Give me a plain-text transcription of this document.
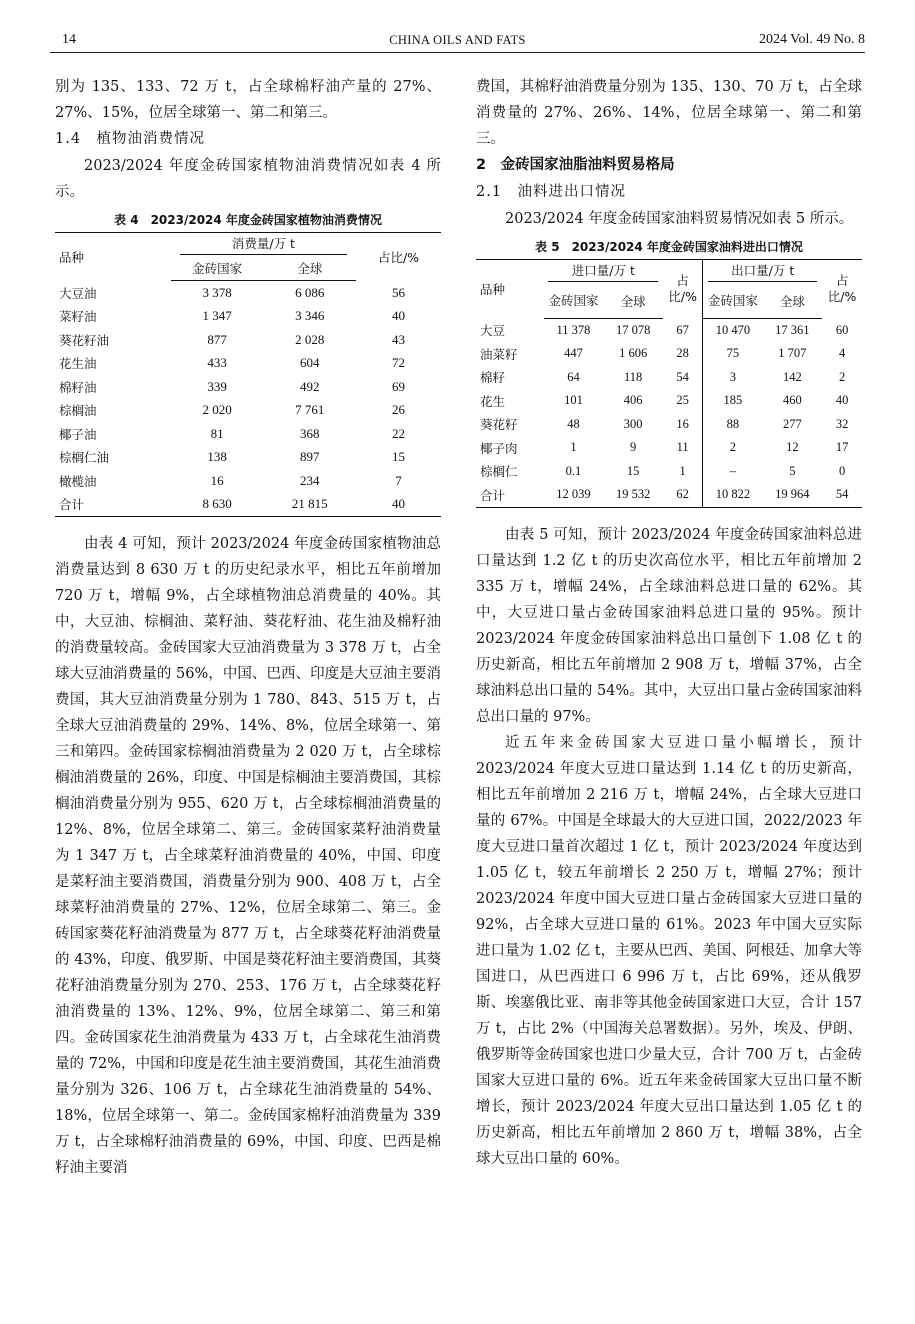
14	CHINA OILS AND FATS	2024 Vol. 49 No. 8

别为 135、133、72 万 t，占全球棉籽油产量的 27%、27%、15%，位居全球第一、第二和第三。

1.4　植物油消费情况

2023/2024 年度金砖国家植物油消费情况如表 4 所示。

表 4　2023/2024 年度金砖国家植物油消费情况
品种	消费量/万 t		占比/%
	金砖国家	全球	
大豆油	3 378	6 086	56
菜籽油	1 347	3 346	40
葵花籽油	877	2 028	43
花生油	433	604	72
棉籽油	339	492	69
棕榈油	2 020	7 761	26
椰子油	81	368	22
棕榈仁油	138	897	15
橄榄油	16	234	7
合计	8 630	21 815	40

由表 4 可知，预计 2023/2024 年度金砖国家植物油总消费量达到 8 630 万 t 的历史纪录水平，相比五年前增加 720 万 t，增幅 9%，占全球植物油总消费量的 40%。其中，大豆油、棕榈油、菜籽油、葵花籽油、花生油及棉籽油的消费量较高。金砖国家大豆油消费量为 3 378 万 t，占全球大豆油消费量的 56%，中国、巴西、印度是大豆油主要消费国，其大豆油消费量分别为 1 780、843、515 万 t，占全球大豆油消费量的 29%、14%、8%，位居全球第一、第三和第四。金砖国家棕榈油消费量为 2 020 万 t，占全球棕榈油消费量的 26%，印度、中国是棕榈油主要消费国，其棕榈油消费量分别为 955、620 万 t，占全球棕榈油消费量的 12%、8%，位居全球第二、第三。金砖国家菜籽油消费量为 1 347 万 t，占全球菜籽油消费量的 40%，中国、印度是菜籽油主要消费国，消费量分别为 900、408 万 t，占全球菜籽油消费量的 27%、12%，位居全球第二、第三。金砖国家葵花籽油消费量为 877 万 t，占全球葵花籽油消费量的 43%，印度、俄罗斯、中国是葵花籽油主要消费国，其葵花籽油消费量分别为 270、253、176 万 t，占全球葵花籽油消费量的 13%、12%、9%，位居全球第二、第三和第四。金砖国家花生油消费量为 433 万 t，占全球花生油消费量的 72%，中国和印度是花生油主要消费国，其花生油消费量分别为 326、106 万 t，占全球花生油消费量的 54%、18%，位居全球第一、第二。金砖国家棉籽油消费量为 339 万 t，占全球棉籽油消费量的 69%，中国、印度、巴西是棉籽油主要消

费国，其棉籽油消费量分别为 135、130、70 万 t，占全球消费量的 27%、26%、14%，位居全球第一、第二和第三。

2　金砖国家油脂油料贸易格局
2.1　油料进出口情况

2023/2024 年度金砖国家油料贸易情况如表 5 所示。

表 5　2023/2024 年度金砖国家油料进出口情况
品种	进口量/万 t		占比/%	出口量/万 t		占比/%
	金砖国家	全球		金砖国家	全球	
大豆	11 378	17 078	67	10 470	17 361	60
油菜籽	447	1 606	28	75	1 707	4
棉籽	64	118	54	3	142	2
花生	101	406	25	185	460	40
葵花籽	48	300	16	88	277	32
椰子肉	1	9	11	2	12	17
棕榈仁	0.1	15	1	–	5	0
合计	12 039	19 532	62	10 822	19 964	54

由表 5 可知，预计 2023/2024 年度金砖国家油料总进口量达到 1.2 亿 t 的历史次高位水平，相比五年前增加 2 335 万 t，增幅 24%，占全球油料总进口量的 62%。其中，大豆进口量占金砖国家油料总进口量的 95%。预计 2023/2024 年度金砖国家油料总出口量创下 1.08 亿 t 的历史新高，相比五年前增加 2 908 万 t，增幅 37%，占全球油料总出口量的 54%。其中，大豆出口量占金砖国家油料总出口量的 97%。

近五年来金砖国家大豆进口量小幅增长，预计 2023/2024 年度大豆进口量达到 1.14 亿 t 的历史新高，相比五年前增加 2 216 万 t，增幅 24%，占全球大豆进口量的 67%。中国是全球最大的大豆进口国，2022/2023 年度大豆进口量首次超过 1 亿 t，预计 2023/2024 年度达到 1.05 亿 t，较五年前增长 2 250 万 t，增幅 27%；预计 2023/2024 年度中国大豆进口量占金砖国家大豆进口量的 92%，占全球大豆进口量的 61%。2023 年中国大豆实际进口量为 1.02 亿 t，主要从巴西、美国、阿根廷、加拿大等国进口，从巴西进口 6 996 万 t，占比 69%，还从俄罗斯、埃塞俄比亚、南非等其他金砖国家进口大豆，合计 157 万 t，占比 2%（中国海关总署数据）。另外，埃及、伊朗、俄罗斯等金砖国家也进口少量大豆，合计 700 万 t，占金砖国家大豆进口量的 6%。近五年来金砖国家大豆出口量不断增长，预计 2023/2024 年度大豆出口量达到 1.05 亿 t 的历史新高，相比五年前增加 2 860 万 t，增幅 38%，占全球大豆出口量的 60%。
